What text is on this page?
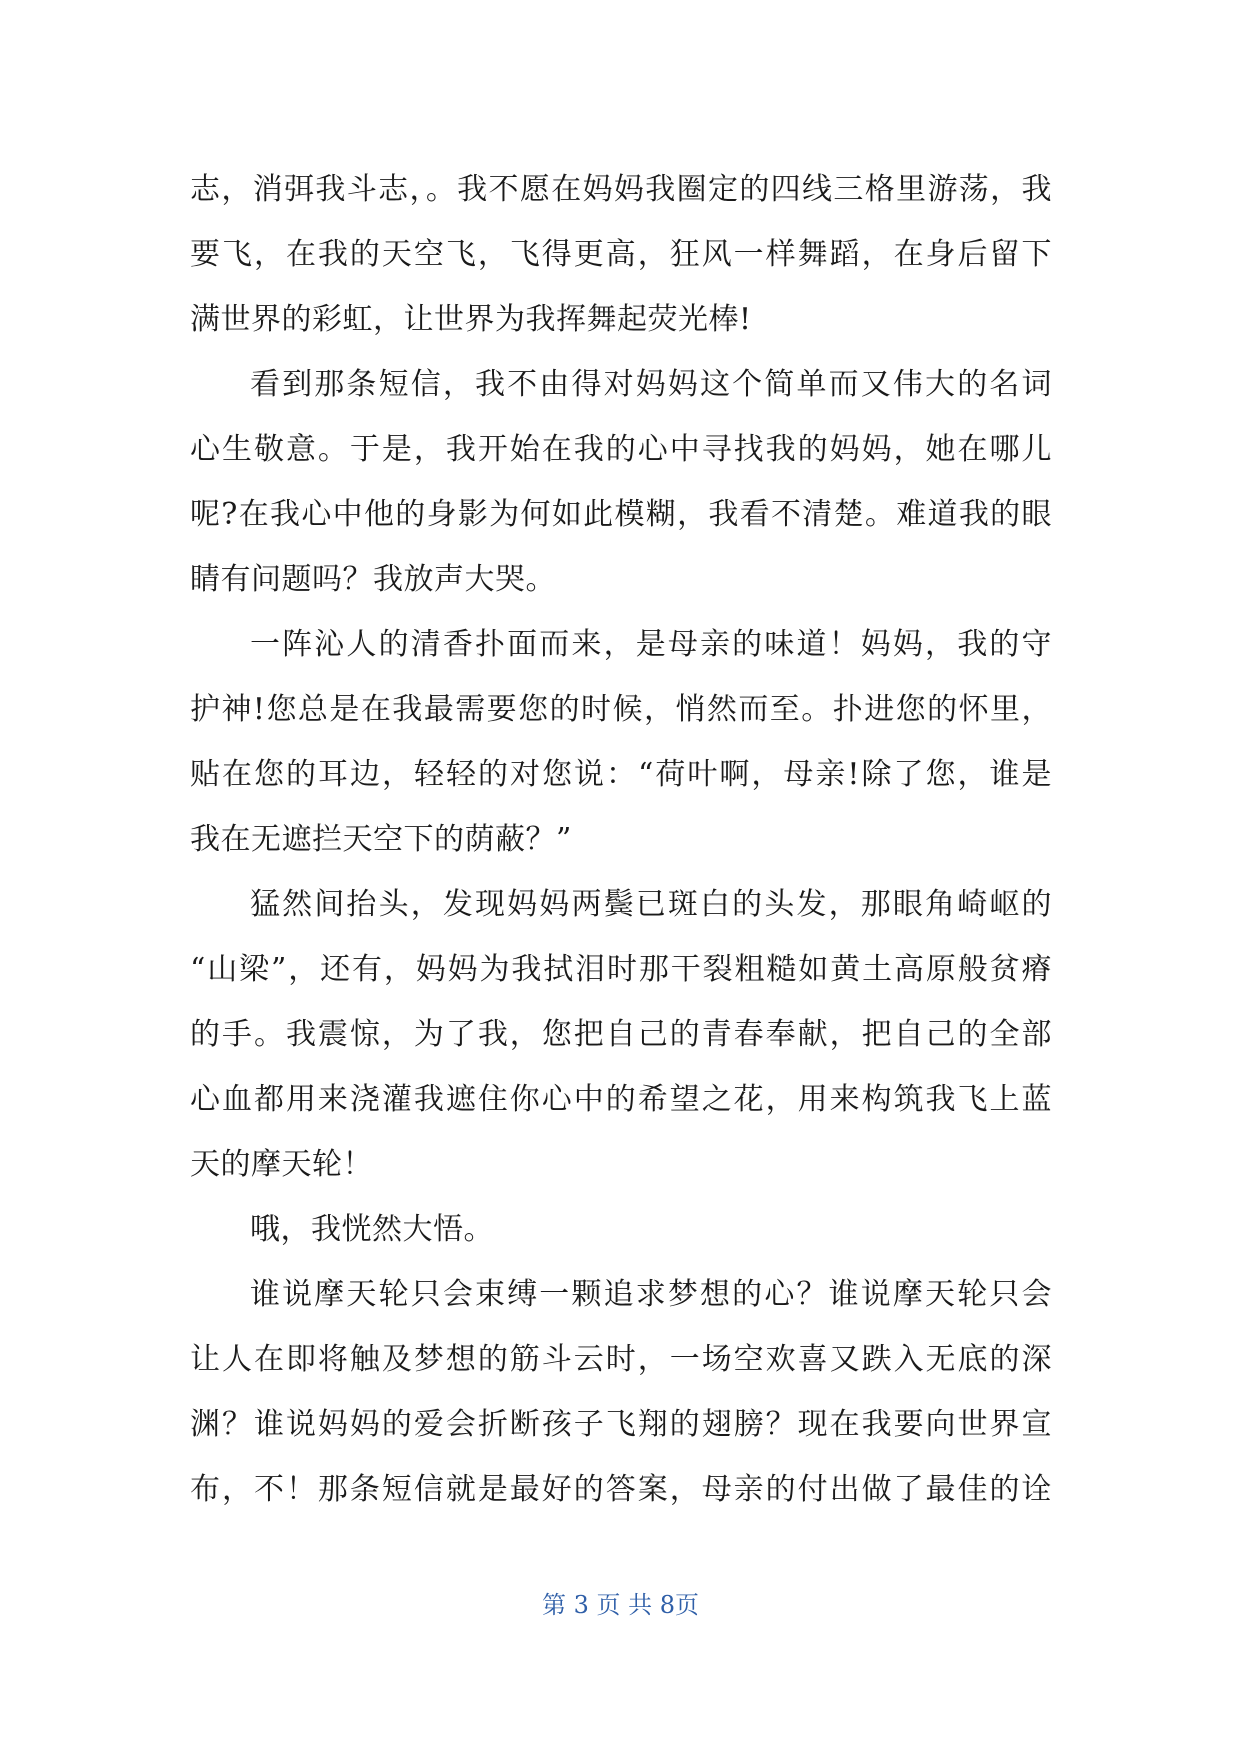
志，消弭我斗志，。我不愿在妈妈我圈定的四线三格里游荡，我
要飞，在我的天空飞，飞得更高，狂风一样舞蹈，在身后留下
满世界的彩虹，让世界为我挥舞起荧光棒!
看到那条短信，我不由得对妈妈这个简单而又伟大的名词
心生敬意。于是，我开始在我的心中寻找我的妈妈，她在哪儿
呢?在我心中他的身影为何如此模糊，我看不清楚。难道我的眼
睛有问题吗？我放声大哭。
一阵沁人的清香扑面而来，是母亲的味道！妈妈，我的守
护神!您总是在我最需要您的时候，悄然而至。扑进您的怀里，
贴在您的耳边，轻轻的对您说：“荷叶啊，母亲!除了您，谁是
我在无遮拦天空下的荫蔽？”
猛然间抬头，发现妈妈两鬓已斑白的头发，那眼角崎岖的
“山梁”，还有，妈妈为我拭泪时那干裂粗糙如黄土高原般贫瘠
的手。我震惊，为了我，您把自己的青春奉献，把自己的全部
心血都用来浇灌我遮住你心中的希望之花，用来构筑我飞上蓝
天的摩天轮！
哦，我恍然大悟。
谁说摩天轮只会束缚一颗追求梦想的心？谁说摩天轮只会
让人在即将触及梦想的筋斗云时，一场空欢喜又跌入无底的深
渊？谁说妈妈的爱会折断孩子飞翔的翅膀？现在我要向世界宣
布，不！那条短信就是最好的答案，母亲的付出做了最佳的诠
第 3 页 共 8页
